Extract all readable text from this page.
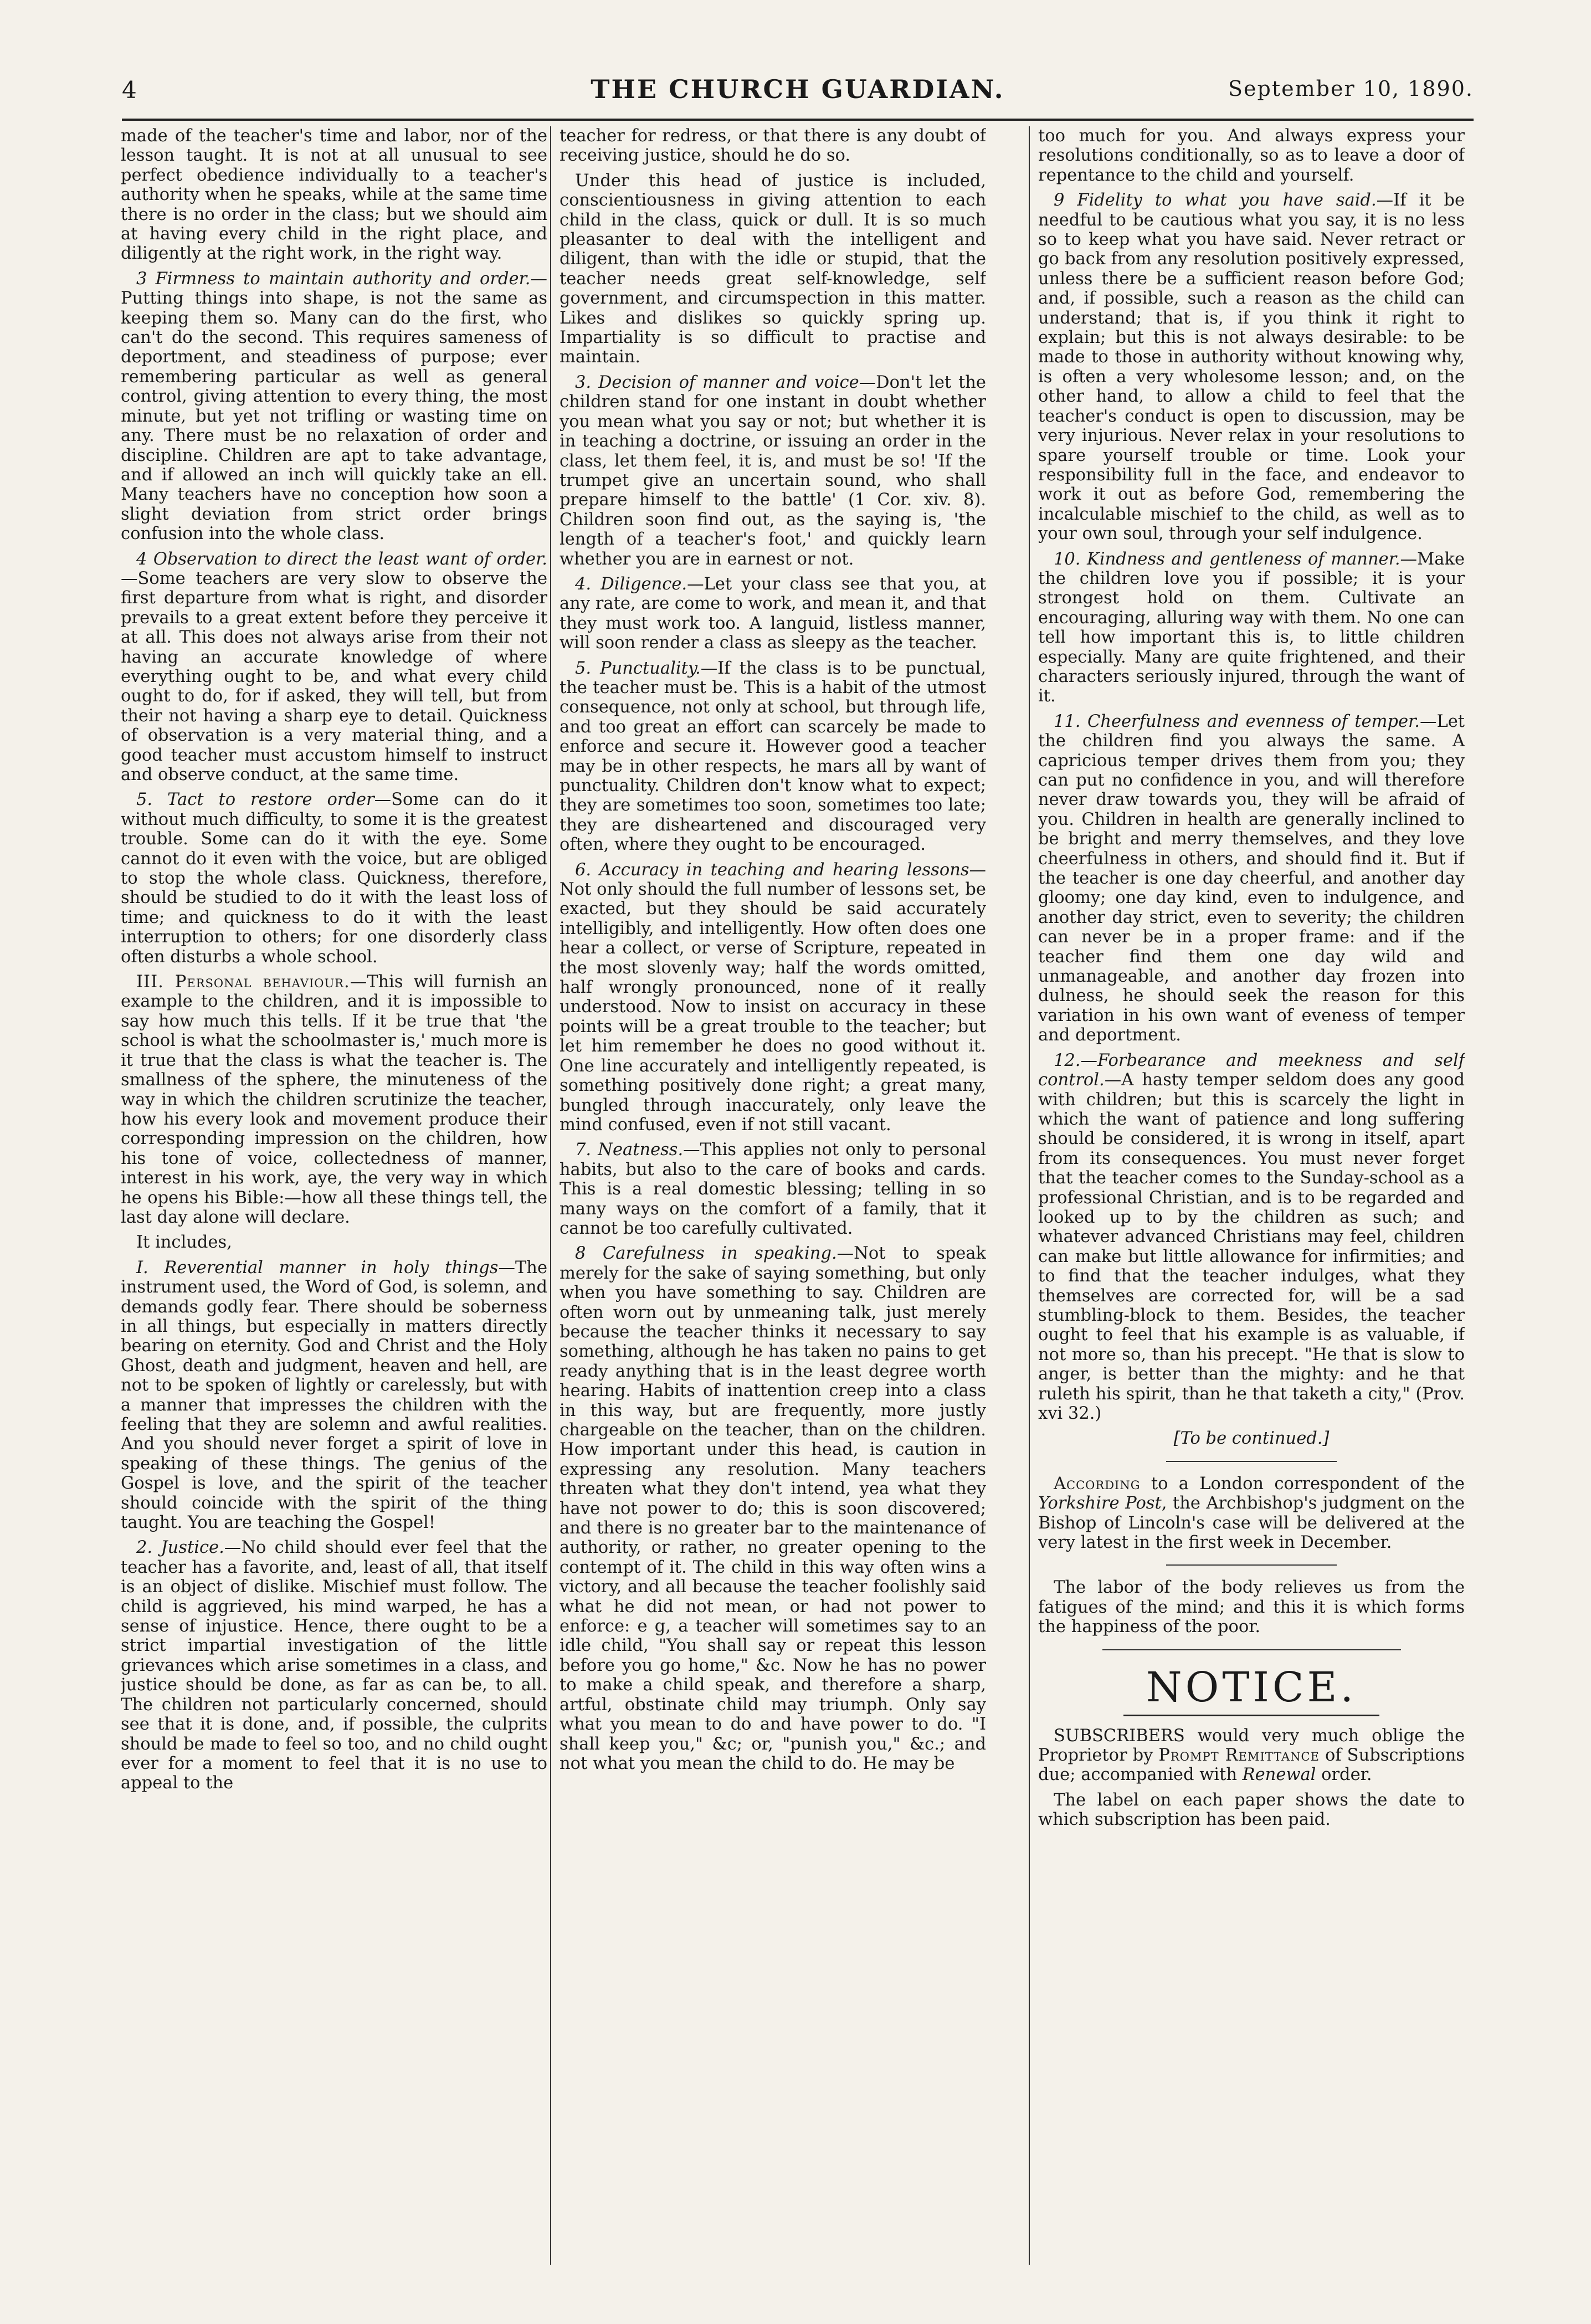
4	THE CHURCH GUARDIAN.	September 10, 1890.

made of the teacher's time and labor, nor of the lesson taught. It is not at all unusual to see perfect obedience individually to a teacher's authority when he speaks, while at the same time there is no order in the class; but we should aim at having every child in the right place, and diligently at the right work, in the right way.

3 Firmness to maintain authority and order.—Putting things into shape, is not the same as keeping them so. Many can do the first, who can't do the second. This requires sameness of deportment, and steadiness of purpose; ever remembering particular as well as general control, giving attention to every thing, the most minute, but yet not trifling or wasting time on any. There must be no relaxation of order and discipline. Children are apt to take advantage, and if allowed an inch will quickly take an ell. Many teachers have no conception how soon a slight deviation from strict order brings confusion into the whole class.

4 Observation to direct the least want of order.—Some teachers are very slow to observe the first departure from what is right, and disorder prevails to a great extent before they perceive it at all. This does not always arise from their not having an accurate knowledge of where everything ought to be, and what every child ought to do, for if asked, they will tell, but from their not having a sharp eye to detail. Quickness of observation is a very material thing, and a good teacher must accustom himself to instruct and observe conduct, at the same time.

5. Tact to restore order—Some can do it without much difficulty, to some it is the greatest trouble. Some can do it with the eye. Some cannot do it even with the voice, but are obliged to stop the whole class. Quickness, therefore, should be studied to do it with the least loss of time; and quickness to do it with the least interruption to others; for one disorderly class often disturbs a whole school.

III. Personal behaviour.—This will furnish an example to the children, and it is impossible to say how much this tells. If it be true that 'the school is what the schoolmaster is,' much more is it true that the class is what the teacher is. The smallness of the sphere, the minuteness of the way in which the children scrutinize the teacher, how his every look and movement produce their corresponding impression on the children, how his tone of voice, collectedness of manner, interest in his work, aye, the very way in which he opens his Bible:—how all these things tell, the last day alone will declare.

It includes,

I. Reverential manner in holy things—The instrument used, the Word of God, is solemn, and demands godly fear. There should be soberness in all things, but especially in matters directly bearing on eternity. God and Christ and the Holy Ghost, death and judgment, heaven and hell, are not to be spoken of lightly or carelessly, but with a manner that impresses the children with the feeling that they are solemn and awful realities. And you should never forget a spirit of love in speaking of these things. The genius of the Gospel is love, and the spirit of the teacher should coincide with the spirit of the thing taught. You are teaching the Gospel!

2. Justice.—No child should ever feel that the teacher has a favorite, and, least of all, that itself is an object of dislike. Mischief must follow. The child is aggrieved, his mind warped, he has a sense of injustice. Hence, there ought to be a strict impartial investigation of the little grievances which arise sometimes in a class, and justice should be done, as far as can be, to all. The children not particularly concerned, should see that it is done, and, if possible, the culprits should be made to feel so too, and no child ought ever for a moment to feel that it is no use to appeal to the

teacher for redress, or that there is any doubt of receiving justice, should he do so.

Under this head of justice is included, conscientiousness in giving attention to each child in the class, quick or dull. It is so much pleasanter to deal with the intelligent and diligent, than with the idle or stupid, that the teacher needs great self-knowledge, self government, and circumspection in this matter. Likes and dislikes so quickly spring up. Impartiality is so difficult to practise and maintain.

3. Decision of manner and voice—Don't let the children stand for one instant in doubt whether you mean what you say or not; but whether it is in teaching a doctrine, or issuing an order in the class, let them feel, it is, and must be so! 'If the trumpet give an uncertain sound, who shall prepare himself to the battle' (1 Cor. xiv. 8). Children soon find out, as the saying is, 'the length of a teacher's foot,' and quickly learn whether you are in earnest or not.

4. Diligence.—Let your class see that you, at any rate, are come to work, and mean it, and that they must work too. A languid, listless manner, will soon render a class as sleepy as the teacher.

5. Punctuality.—If the class is to be punctual, the teacher must be. This is a habit of the utmost consequence, not only at school, but through life, and too great an effort can scarcely be made to enforce and secure it. However good a teacher may be in other respects, he mars all by want of punctuality. Children don't know what to expect; they are sometimes too soon, sometimes too late; they are disheartened and discouraged very often, where they ought to be encouraged.

6. Accuracy in teaching and hearing lessons—Not only should the full number of lessons set, be exacted, but they should be said accurately intelligibly, and intelligently. How often does one hear a collect, or verse of Scripture, repeated in the most slovenly way; half the words omitted, half wrongly pronounced, none of it really understood. Now to insist on accuracy in these points will be a great trouble to the teacher; but let him remember he does no good without it. One line accurately and intelligently repeated, is something positively done right; a great many, bungled through inaccurately, only leave the mind confused, even if not still vacant.

7. Neatness.—This applies not only to personal habits, but also to the care of books and cards. This is a real domestic blessing; telling in so many ways on the comfort of a family, that it cannot be too carefully cultivated.

8 Carefulness in speaking.—Not to speak merely for the sake of saying something, but only when you have something to say. Children are often worn out by unmeaning talk, just merely because the teacher thinks it necessary to say something, although he has taken no pains to get ready anything that is in the least degree worth hearing. Habits of inattention creep into a class in this way, but are frequently, more justly chargeable on the teacher, than on the children. How important under this head, is caution in expressing any resolution. Many teachers threaten what they don't intend, yea what they have not power to do; this is soon discovered; and there is no greater bar to the maintenance of authority, or rather, no greater opening to the contempt of it. The child in this way often wins a victory, and all because the teacher foolishly said what he did not mean, or had not power to enforce: e g, a teacher will sometimes say to an idle child, "You shall say or repeat this lesson before you go home," &c. Now he has no power to make a child speak, and therefore a sharp, artful, obstinate child may triumph. Only say what you mean to do and have power to do. "I shall keep you," &c; or, "punish you," &c.; and not what you mean the child to do. He may be

too much for you. And always express your resolutions conditionally, so as to leave a door of repentance to the child and yourself.

9 Fidelity to what you have said.—If it be needful to be cautious what you say, it is no less so to keep what you have said. Never retract or go back from any resolution positively expressed, unless there be a sufficient reason before God; and, if possible, such a reason as the child can understand; that is, if you think it right to explain; but this is not always desirable: to be made to those in authority without knowing why, is often a very wholesome lesson; and, on the other hand, to allow a child to feel that the teacher's conduct is open to discussion, may be very injurious. Never relax in your resolutions to spare yourself trouble or time. Look your responsibility full in the face, and endeavor to work it out as before God, remembering the incalculable mischief to the child, as well as to your own soul, through your self indulgence.

10. Kindness and gentleness of manner.—Make the children love you if possible; it is your strongest hold on them. Cultivate an encouraging, alluring way with them. No one can tell how important this is, to little children especially. Many are quite frightened, and their characters seriously injured, through the want of it.

11. Cheerfulness and evenness of temper.—Let the children find you always the same. A capricious temper drives them from you; they can put no confidence in you, and will therefore never draw towards you, they will be afraid of you. Children in health are generally inclined to be bright and merry themselves, and they love cheerfulness in others, and should find it. But if the teacher is one day cheerful, and another day gloomy; one day kind, even to indulgence, and another day strict, even to severity; the children can never be in a proper frame: and if the teacher find them one day wild and unmanageable, and another day frozen into dulness, he should seek the reason for this variation in his own want of eveness of temper and deportment.

12.—Forbearance and meekness and self control.—A hasty temper seldom does any good with children; but this is scarcely the light in which the want of patience and long suffering should be considered, it is wrong in itself, apart from its consequences. You must never forget that the teacher comes to the Sunday-school as a professional Christian, and is to be regarded and looked up to by the children as such; and whatever advanced Christians may feel, children can make but little allowance for infirmities; and to find that the teacher indulges, what they themselves are corrected for, will be a sad stumbling-block to them. Besides, the teacher ought to feel that his example is as valuable, if not more so, than his precept. "He that is slow to anger, is better than the mighty: and he that ruleth his spirit, than he that taketh a city," (Prov. xvi 32.)

[To be continued.]

According to a London correspondent of the Yorkshire Post, the Archbishop's judgment on the Bishop of Lincoln's case will be delivered at the very latest in the first week in December.

The labor of the body relieves us from the fatigues of the mind; and this it is which forms the happiness of the poor.

NOTICE.

SUBSCRIBERS would very much oblige the Proprietor by Prompt Remittance of Subscriptions due; accompanied with Renewal order.

The label on each paper shows the date to which subscription has been paid.
